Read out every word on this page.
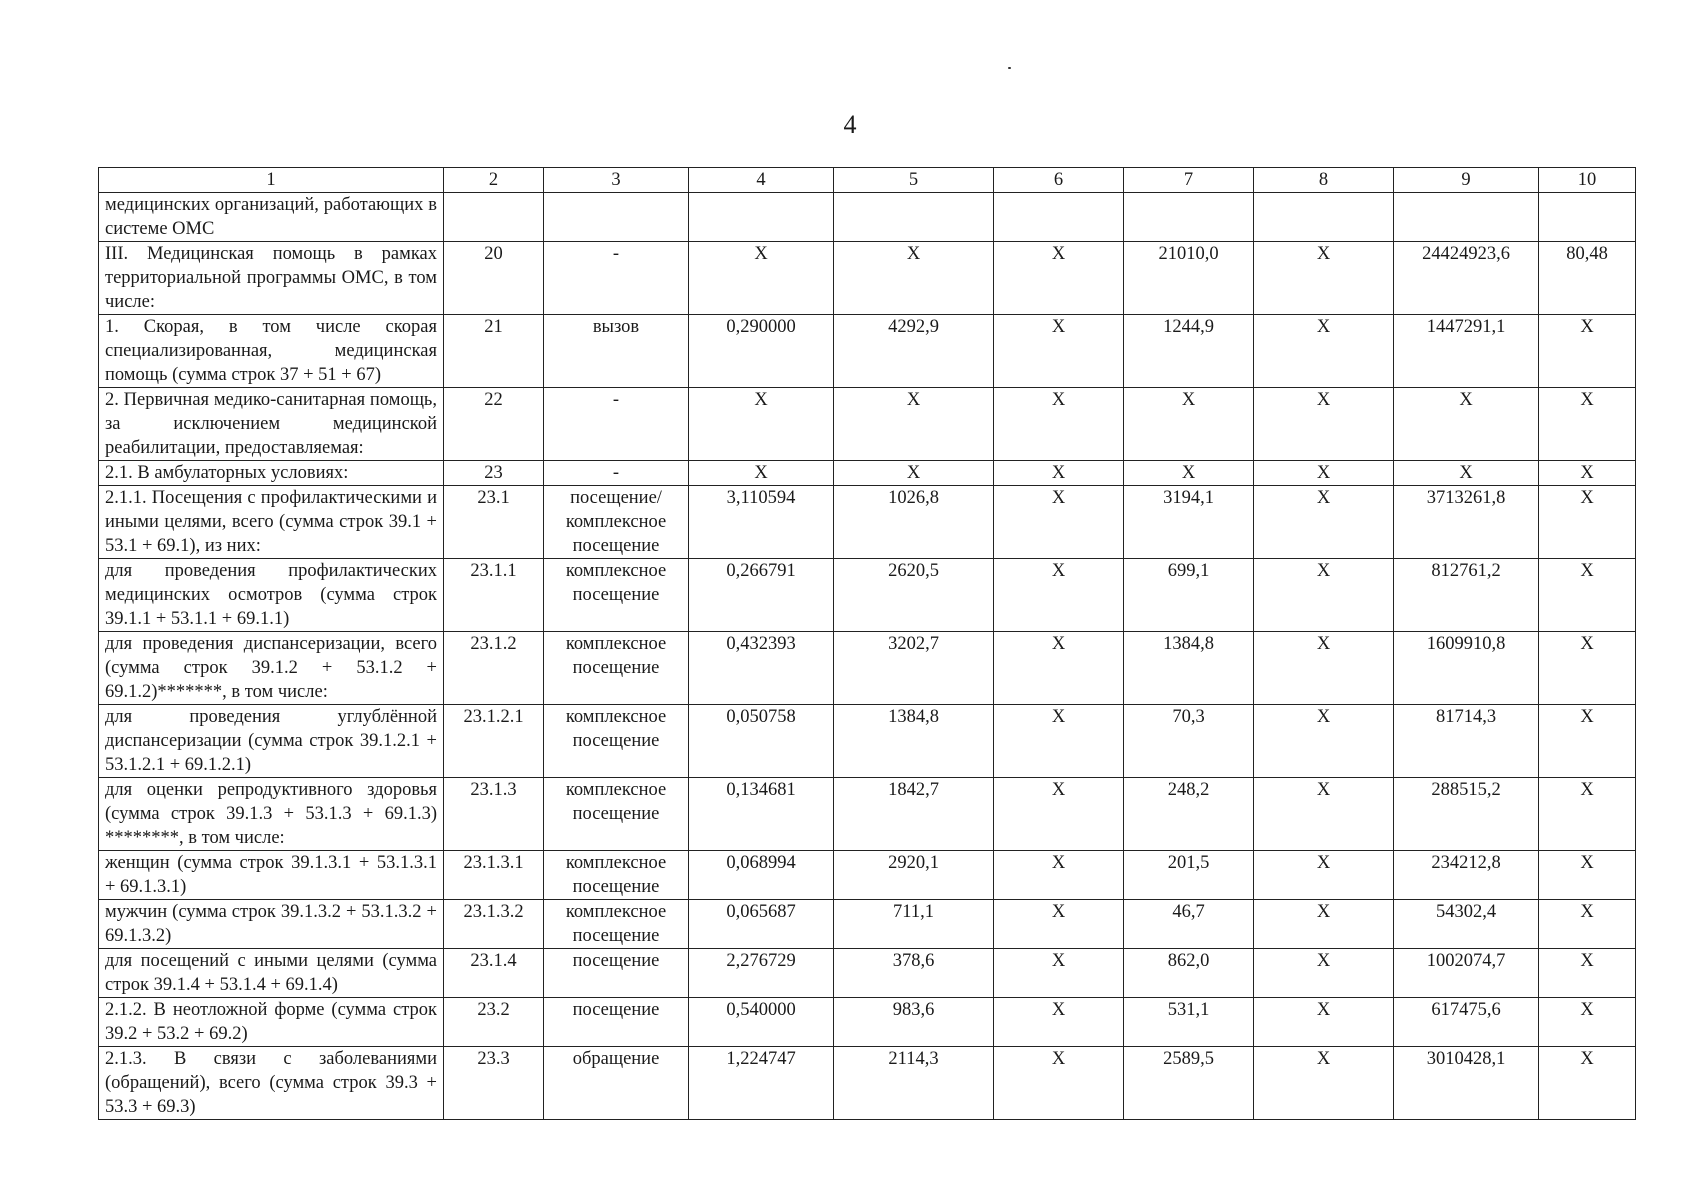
4
1	2	3	4	5	6	7	8	9	10
медицинских организаций, работающих в системе ОМС									
III. Медицинская помощь в рамках территориальной программы ОМС, в том числе:	20	-	X	X	X	21010,0	X	24424923,6	80,48
1. Скорая, в том числе скорая специализированная, медицинская помощь (сумма строк 37 + 51 + 67)	21	вызов	0,290000	4292,9	X	1244,9	X	1447291,1	X
2. Первичная медико-санитарная помощь, за исключением медицинской реабилитации, предоставляемая:	22	-	X	X	X	X	X	X	X
2.1. В амбулаторных условиях:	23	-	X	X	X	X	X	X	X
2.1.1. Посещения с профилактическими и иными целями, всего (сумма строк 39.1 + 53.1 + 69.1), из них:	23.1	посещение/ комплексное посещение	3,110594	1026,8	X	3194,1	X	3713261,8	X
для проведения профилактических медицинских осмотров (сумма строк 39.1.1 + 53.1.1 + 69.1.1)	23.1.1	комплексное посещение	0,266791	2620,5	X	699,1	X	812761,2	X
для проведения диспансеризации, всего (сумма строк 39.1.2 + 53.1.2 + 69.1.2)*******, в том числе:	23.1.2	комплексное посещение	0,432393	3202,7	X	1384,8	X	1609910,8	X
для проведения углублённой диспансеризации (сумма строк 39.1.2.1 + 53.1.2.1 + 69.1.2.1)	23.1.2.1	комплексное посещение	0,050758	1384,8	X	70,3	X	81714,3	X
для оценки репродуктивного здоровья (сумма строк 39.1.3 + 53.1.3 + 69.1.3) ********, в том числе:	23.1.3	комплексное посещение	0,134681	1842,7	X	248,2	X	288515,2	X
женщин (сумма строк 39.1.3.1 + 53.1.3.1 + 69.1.3.1)	23.1.3.1	комплексное посещение	0,068994	2920,1	X	201,5	X	234212,8	X
мужчин (сумма строк 39.1.3.2 + 53.1.3.2 + 69.1.3.2)	23.1.3.2	комплексное посещение	0,065687	711,1	X	46,7	X	54302,4	X
для посещений с иными целями (сумма строк 39.1.4 + 53.1.4 + 69.1.4)	23.1.4	посещение	2,276729	378,6	X	862,0	X	1002074,7	X
2.1.2. В неотложной форме (сумма строк 39.2 + 53.2 + 69.2)	23.2	посещение	0,540000	983,6	X	531,1	X	617475,6	X
2.1.3. В связи с заболеваниями (обращений), всего (сумма строк 39.3 + 53.3 + 69.3)	23.3	обращение	1,224747	2114,3	X	2589,5	X	3010428,1	X
